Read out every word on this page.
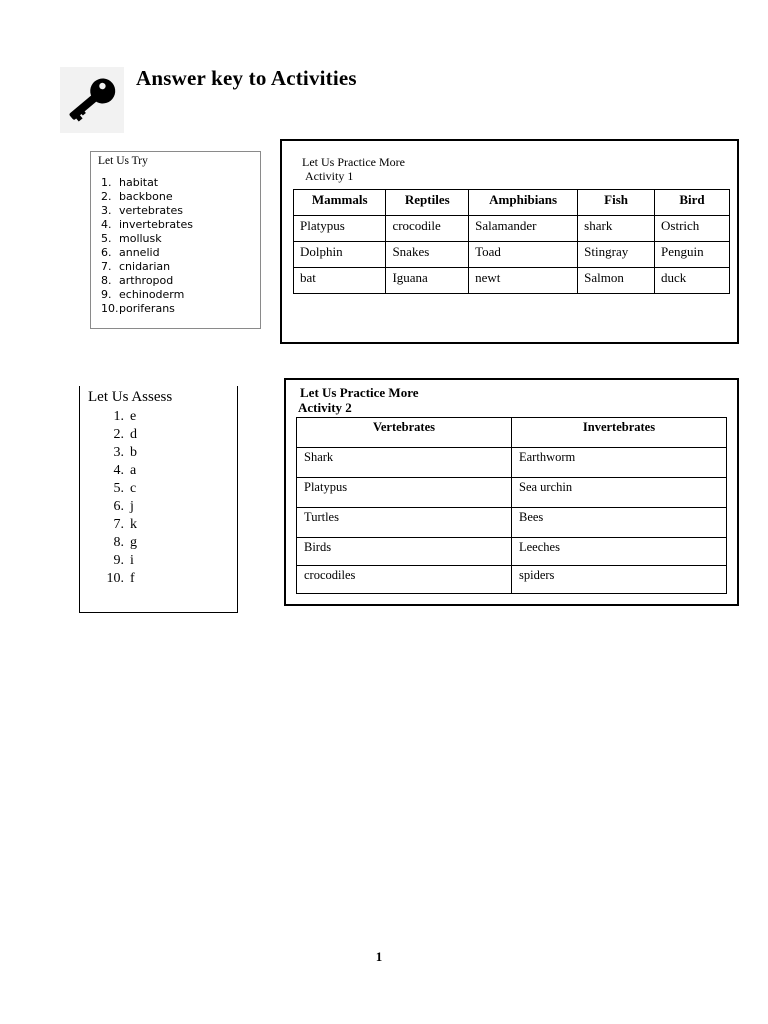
Answer key to Activities
Let Us Try
1. habitat
2. backbone
3. vertebrates
4. invertebrates
5. mollusk
6. annelid
7. cnidarian
8. arthropod
9. echinoderm
10.poriferans
Let Us Practice More
Activity 1
Mammals	Reptiles	Amphibians	Fish	Bird
Platypus	crocodile	Salamander	shark	Ostrich
Dolphin	Snakes	Toad	Stingray	Penguin
bat	Iguana	newt	Salmon	duck
Let Us Assess
1. e
2. d
3. b
4. a
5. c
6. j
7. k
8. g
9. i
10. f
Let Us Practice More
Activity 2
Vertebrates	Invertebrates
Shark	Earthworm
Platypus	Sea urchin
Turtles	Bees
Birds	Leeches
crocodiles	spiders
1
